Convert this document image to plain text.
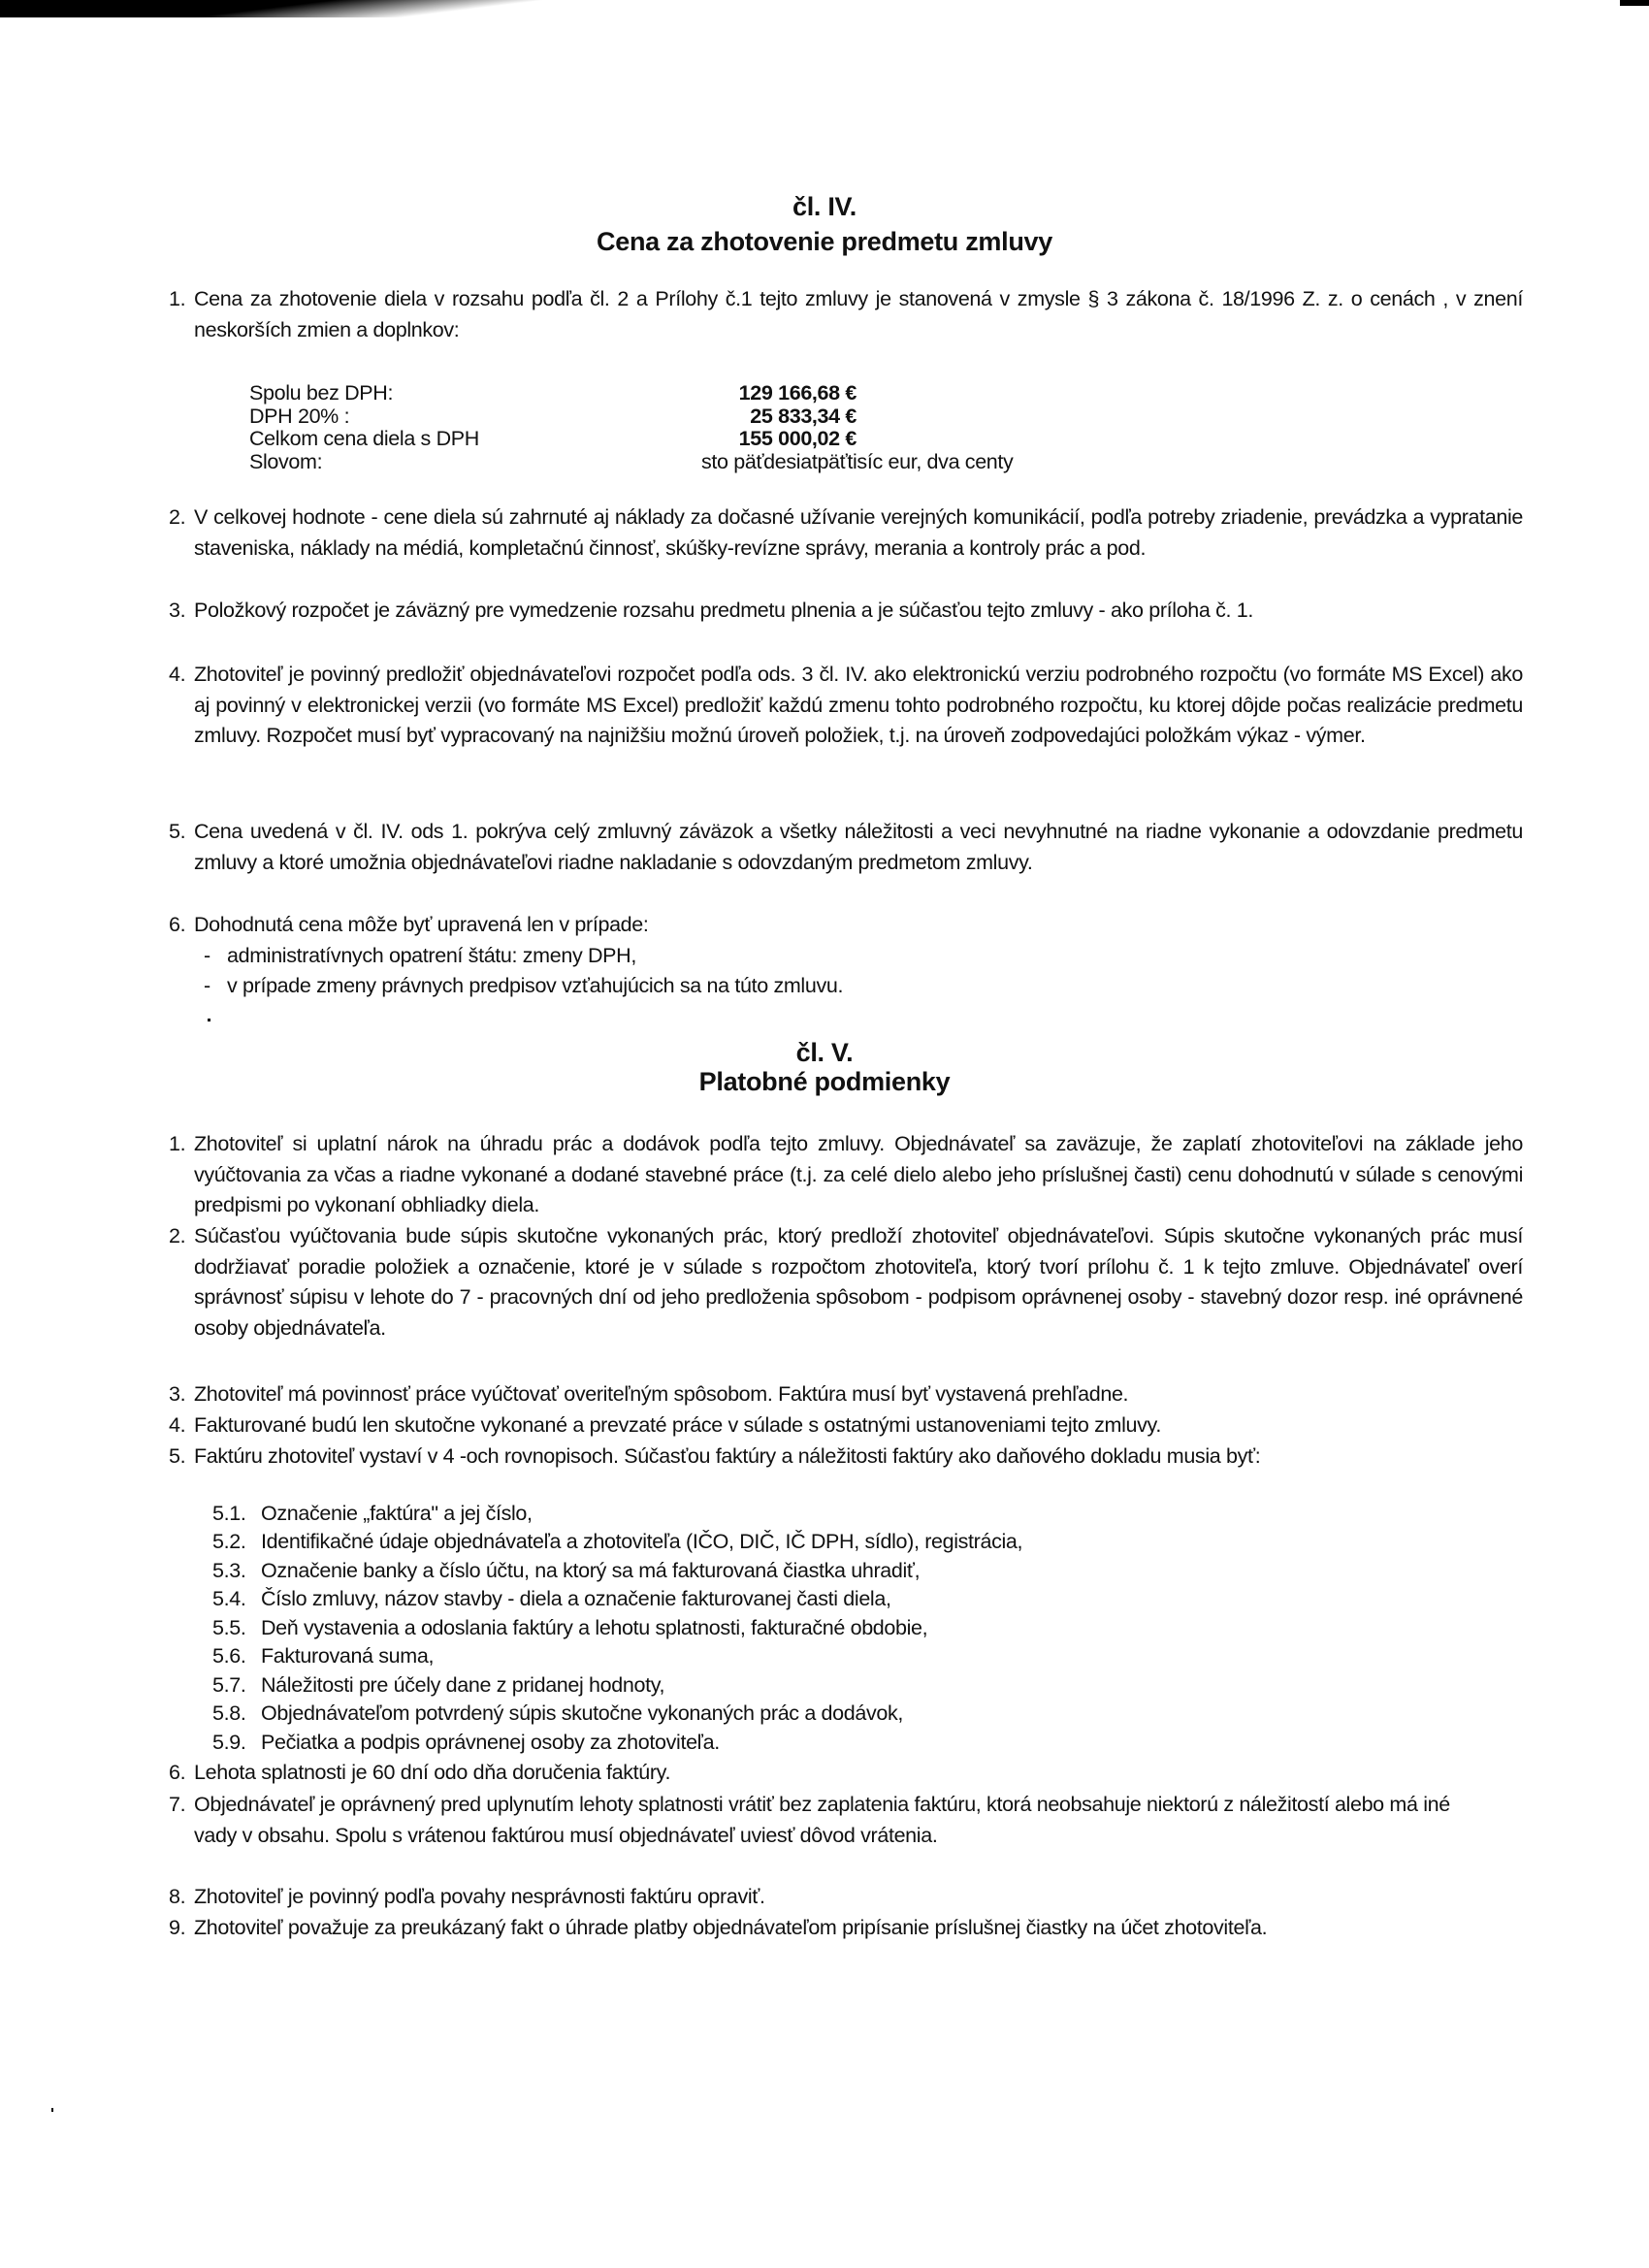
čl. IV.
Cena za zhotovenie predmetu zmluvy
1. Cena za zhotovenie diela v rozsahu podľa čl. 2 a Prílohy č.1 tejto zmluvy je stanovená v zmysle § 3 zákona č. 18/1996 Z. z. o cenách , v znení neskorších zmien a doplnkov:
Spolu bez DPH:	129 166,68 €
DPH 20% :	25 833,34 €
Celkom cena diela s DPH	155 000,02 €
Slovom:	sto päťdesiatpäťtisíc eur, dva centy
2. V celkovej hodnote - cene diela sú zahrnuté aj náklady za dočasné užívanie verejných komunikácií, podľa potreby zriadenie, prevádzka a vypratanie staveniska, náklady na médiá, kompletačnú činnosť, skúšky-revízne správy, merania a kontroly prác a pod.
3. Položkový rozpočet je záväzný pre vymedzenie rozsahu predmetu plnenia a je súčasťou tejto zmluvy - ako príloha č. 1.
4. Zhotoviteľ je povinný predložiť objednávateľovi rozpočet podľa ods. 3 čl. IV. ako elektronickú verziu podrobného rozpočtu (vo formáte MS Excel) ako aj povinný v elektronickej verzii (vo formáte MS Excel) predložiť každú zmenu tohto podrobného rozpočtu, ku ktorej dôjde počas realizácie predmetu zmluvy. Rozpočet musí byť vypracovaný na najnižšiu možnú úroveň položiek, t.j. na úroveň zodpovedajúci položkám výkaz - výmer.
5. Cena uvedená v čl. IV. ods 1. pokrýva celý zmluvný záväzok a všetky náležitosti a veci nevyhnutné na riadne vykonanie a odovzdanie predmetu zmluvy a ktoré umožnia objednávateľovi riadne nakladanie s odovzdaným predmetom zmluvy.
6. Dohodnutá cena môže byť upravená len v prípade:
- administratívnych opatrení štátu: zmeny DPH,
- v prípade zmeny právnych predpisov vzťahujúcich sa na túto zmluvu.
čl. V.
Platobné podmienky
1. Zhotoviteľ si uplatní nárok na úhradu prác a dodávok podľa tejto zmluvy. Objednávateľ sa zaväzuje, že zaplatí zhotoviteľovi na základe jeho vyúčtovania za včas a riadne vykonané a dodané stavebné práce (t.j. za celé dielo alebo jeho príslušnej časti) cenu dohodnutú v súlade s cenovými predpismi po vykonaní obhliadky diela.
2. Súčasťou vyúčtovania bude súpis skutočne vykonaných prác, ktorý predloží zhotoviteľ objednávateľovi. Súpis skutočne vykonaných prác musí dodržiavať poradie položiek a označenie, ktoré je v súlade s rozpočtom zhotoviteľa, ktorý tvorí prílohu č. 1 k tejto zmluve. Objednávateľ overí správnosť súpisu v lehote do 7 - pracovných dní od jeho predloženia spôsobom - podpisom oprávnenej osoby - stavebný dozor resp. iné oprávnené osoby objednávateľa.
3. Zhotoviteľ má povinnosť práce vyúčtovať overiteľným spôsobom. Faktúra musí byť vystavená prehľadne.
4. Fakturované budú len skutočne vykonané a prevzaté práce v súlade s ostatnými ustanoveniami tejto zmluvy.
5. Faktúru zhotoviteľ vystaví v 4 -och rovnopisoch. Súčasťou faktúry a náležitosti faktúry ako daňového dokladu musia byť:
5.1. Označenie „faktúra" a jej číslo,
5.2. Identifikačné údaje objednávateľa a zhotoviteľa (IČO, DIČ, IČ DPH, sídlo), registrácia,
5.3. Označenie banky a číslo účtu, na ktorý sa má fakturovaná čiastka uhradiť,
5.4. Číslo zmluvy, názov stavby - diela a označenie fakturovanej časti diela,
5.5. Deň vystavenia a odoslania faktúry a lehotu splatnosti, fakturačné obdobie,
5.6. Fakturovaná suma,
5.7. Náležitosti pre účely dane z pridanej hodnoty,
5.8. Objednávateľom potvrdený súpis skutočne vykonaných prác a dodávok,
5.9. Pečiatka a podpis oprávnenej osoby za zhotoviteľa.
6. Lehota splatnosti je 60 dní odo dňa doručenia faktúry.
7. Objednávateľ je oprávnený pred uplynutím lehoty splatnosti vrátiť bez zaplatenia faktúru, ktorá neobsahuje niektorú z náležitostí alebo má iné vady v obsahu. Spolu s vrátenou faktúrou musí objednávateľ uviesť dôvod vrátenia.
8. Zhotoviteľ je povinný podľa povahy nesprávnosti faktúru opraviť.
9. Zhotoviteľ považuje za preukázaný fakt o úhrade platby objednávateľom pripísanie príslušnej čiastky na účet zhotoviteľa.
